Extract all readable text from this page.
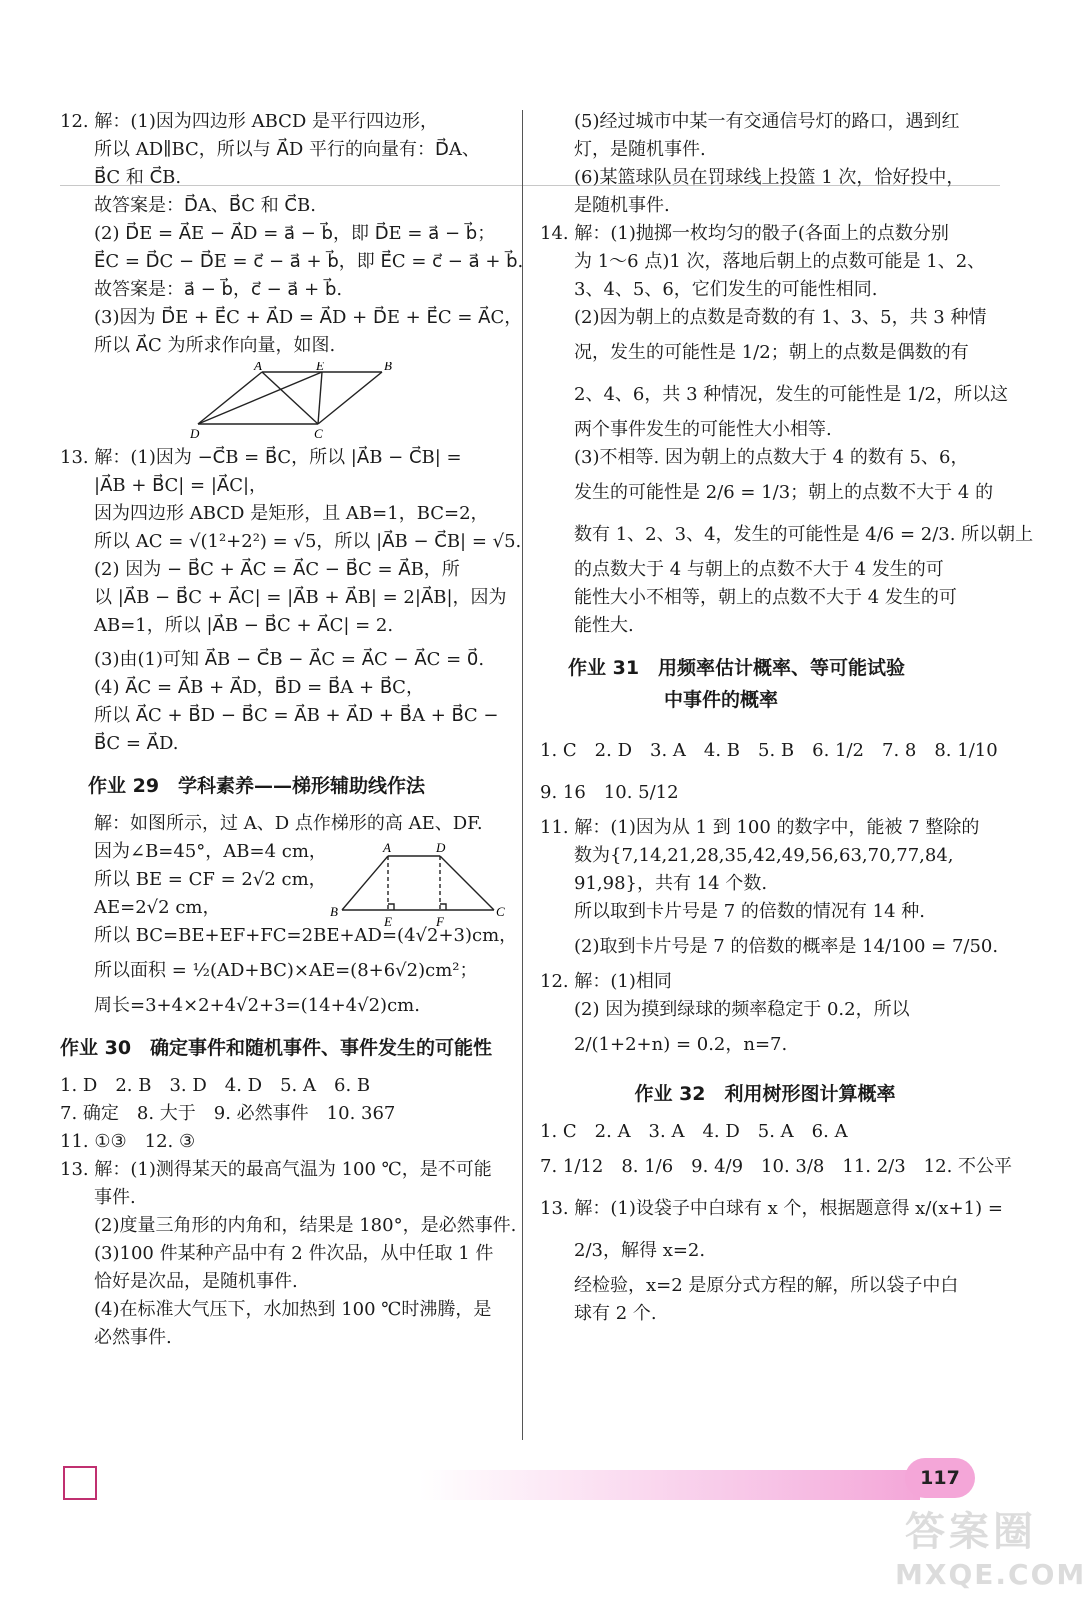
12. 解：(1)因为四边形 ABCD 是平行四边形，
所以 AD∥BC，所以与 A⃗D 平行的向量有：D⃗A、
B⃗C 和 C⃗B.
故答案是：D⃗A、B⃗C 和 C⃗B.
(2) D⃗E = A⃗E − A⃗D = a⃗ − b⃗，即 D⃗E = a⃗ − b⃗；
E⃗C = D⃗C − D⃗E = c⃗ − a⃗ + b⃗，即 E⃗C = c⃗ − a⃗ + b⃗.
故答案是：a⃗ − b⃗，c⃗ − a⃗ + b⃗.
(3)因为 D⃗E + E⃗C + A⃗D = A⃗D + D⃗E + E⃗C = A⃗C，
所以 A⃗C 为所求作向量，如图.
A	E	B
D	C
13. 解：(1)因为 −C⃗B = B⃗C，所以 |A⃗B − C⃗B| =
|A⃗B + B⃗C| = |A⃗C|，
因为四边形 ABCD 是矩形，且 AB=1，BC=2，
所以 AC = √(1²+2²) = √5，所以 |A⃗B − C⃗B| = √5.
(2) 因为 − B⃗C + A⃗C = A⃗C − B⃗C = A⃗B，所
以 |A⃗B − B⃗C + A⃗C| = |A⃗B + A⃗B| = 2|A⃗B|，因为
AB=1，所以 |A⃗B − B⃗C + A⃗C| = 2.
(3)由(1)可知 A⃗B − C⃗B − A⃗C = A⃗C − A⃗C = 0⃗.
(4) A⃗C = A⃗B + A⃗D，B⃗D = B⃗A + B⃗C，
所以 A⃗C + B⃗D − B⃗C = A⃗B + A⃗D + B⃗A + B⃗C −
B⃗C = A⃗D.
作业 29　学科素养——梯形辅助线作法
解：如图所示，过 A、D 点作梯形的高 AE、DF.
因为∠B=45°，AB=4 cm，
所以 BE = CF = 2√2 cm，
AE=2√2 cm，
A	D
B
E	F
C
所以 BC=BE+EF+FC=2BE+AD=(4√2+3)cm，
所以面积 = ½(AD+BC)×AE=(8+6√2)cm²；
周长=3+4×2+4√2+3=(14+4√2)cm.
作业 30　确定事件和随机事件、事件发生的可能性
1. D　2. B　3. D　4. D　5. A　6. B
7. 确定　8. 大于　9. 必然事件　10. 367
11. ①③　12. ③
13. 解：(1)测得某天的最高气温为 100 ℃，是不可能
事件.
(2)度量三角形的内角和，结果是 180°，是必然事件.
(3)100 件某种产品中有 2 件次品，从中任取 1 件
恰好是次品，是随机事件.
(4)在标准大气压下，水加热到 100 ℃时沸腾，是
必然事件.
(5)经过城市中某一有交通信号灯的路口，遇到红
灯，是随机事件.
(6)某篮球队员在罚球线上投篮 1 次，恰好投中，
是随机事件.
14. 解：(1)抛掷一枚均匀的骰子(各面上的点数分别
为 1～6 点)1 次，落地后朝上的点数可能是 1、2、
3、4、5、6，它们发生的可能性相同.
(2)因为朝上的点数是奇数的有 1、3、5，共 3 种情
况，发生的可能性是 1/2；朝上的点数是偶数的有
2、4、6，共 3 种情况，发生的可能性是 1/2，所以这
两个事件发生的可能性大小相等.
(3)不相等. 因为朝上的点数大于 4 的数有 5、6，
发生的可能性是 2/6 = 1/3；朝上的点数不大于 4 的
数有 1、2、3、4，发生的可能性是 4/6 = 2/3. 所以朝上
的点数大于 4 与朝上的点数不大于 4 发生的可
能性大小不相等，朝上的点数不大于 4 发生的可
能性大.
作业 31　用频率估计概率、等可能试验
中事件的概率
1. C　2. D　3. A　4. B　5. B　6. 1/2　7. 8　8. 1/10
9. 16　10. 5/12
11. 解：(1)因为从 1 到 100 的数字中，能被 7 整除的
数为{7,14,21,28,35,42,49,56,63,70,77,84,
91,98}，共有 14 个数.
所以取到卡片号是 7 的倍数的情况有 14 种.
(2)取到卡片号是 7 的倍数的概率是 14/100 = 7/50.
12. 解：(1)相同
(2) 因为摸到绿球的频率稳定于 0.2，所以
2/(1+2+n) = 0.2，n=7.
作业 32　利用树形图计算概率
1. C　2. A　3. A　4. D　5. A　6. A
7. 1/12　8. 1/6　9. 4/9　10. 3/8　11. 2/3　12. 不公平
13. 解：(1)设袋子中白球有 x 个，根据题意得 x/(x+1) =
2/3，解得 x=2.
经检验，x=2 是原分式方程的解，所以袋子中白
球有 2 个.
117
答案圈
MXQE.COM
